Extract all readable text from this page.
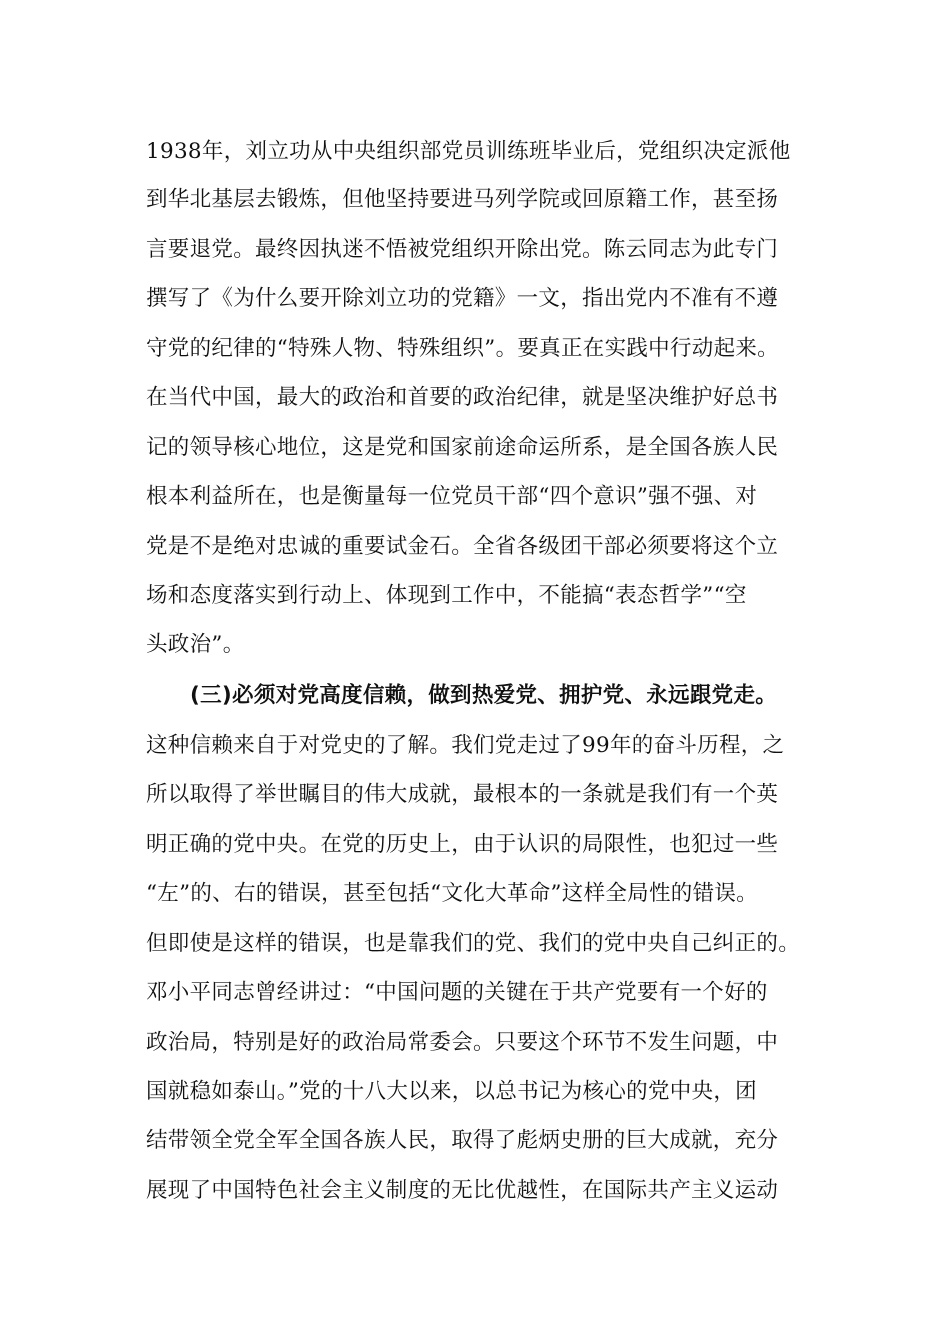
1938年，刘立功从中央组织部党员训练班毕业后，党组织决定派他
到华北基层去锻炼，但他坚持要进马列学院或回原籍工作，甚至扬
言要退党。最终因执迷不悟被党组织开除出党。陈云同志为此专门
撰写了《为什么要开除刘立功的党籍》一文，指出党内不准有不遵
守党的纪律的“特殊人物、特殊组织”。要真正在实践中行动起来。
在当代中国，最大的政治和首要的政治纪律，就是坚决维护好总书
记的领导核心地位，这是党和国家前途命运所系，是全国各族人民
根本利益所在，也是衡量每一位党员干部“四个意识”强不强、对
党是不是绝对忠诚的重要试金石。全省各级团干部必须要将这个立
场和态度落实到行动上、体现到工作中，不能搞“表态哲学”“空
头政治”。
(三)必须对党高度信赖，做到热爱党、拥护党、永远跟党走。
这种信赖来自于对党史的了解。我们党走过了99年的奋斗历程，之
所以取得了举世瞩目的伟大成就，最根本的一条就是我们有一个英
明正确的党中央。在党的历史上，由于认识的局限性，也犯过一些
“左”的、右的错误，甚至包括“文化大革命”这样全局性的错误。
但即使是这样的错误，也是靠我们的党、我们的党中央自己纠正的。
邓小平同志曾经讲过：“中国问题的关键在于共产党要有一个好的
政治局，特别是好的政治局常委会。只要这个环节不发生问题，中
国就稳如泰山。”党的十八大以来，以总书记为核心的党中央，团
结带领全党全军全国各族人民，取得了彪炳史册的巨大成就，充分
展现了中国特色社会主义制度的无比优越性，在国际共产主义运动
